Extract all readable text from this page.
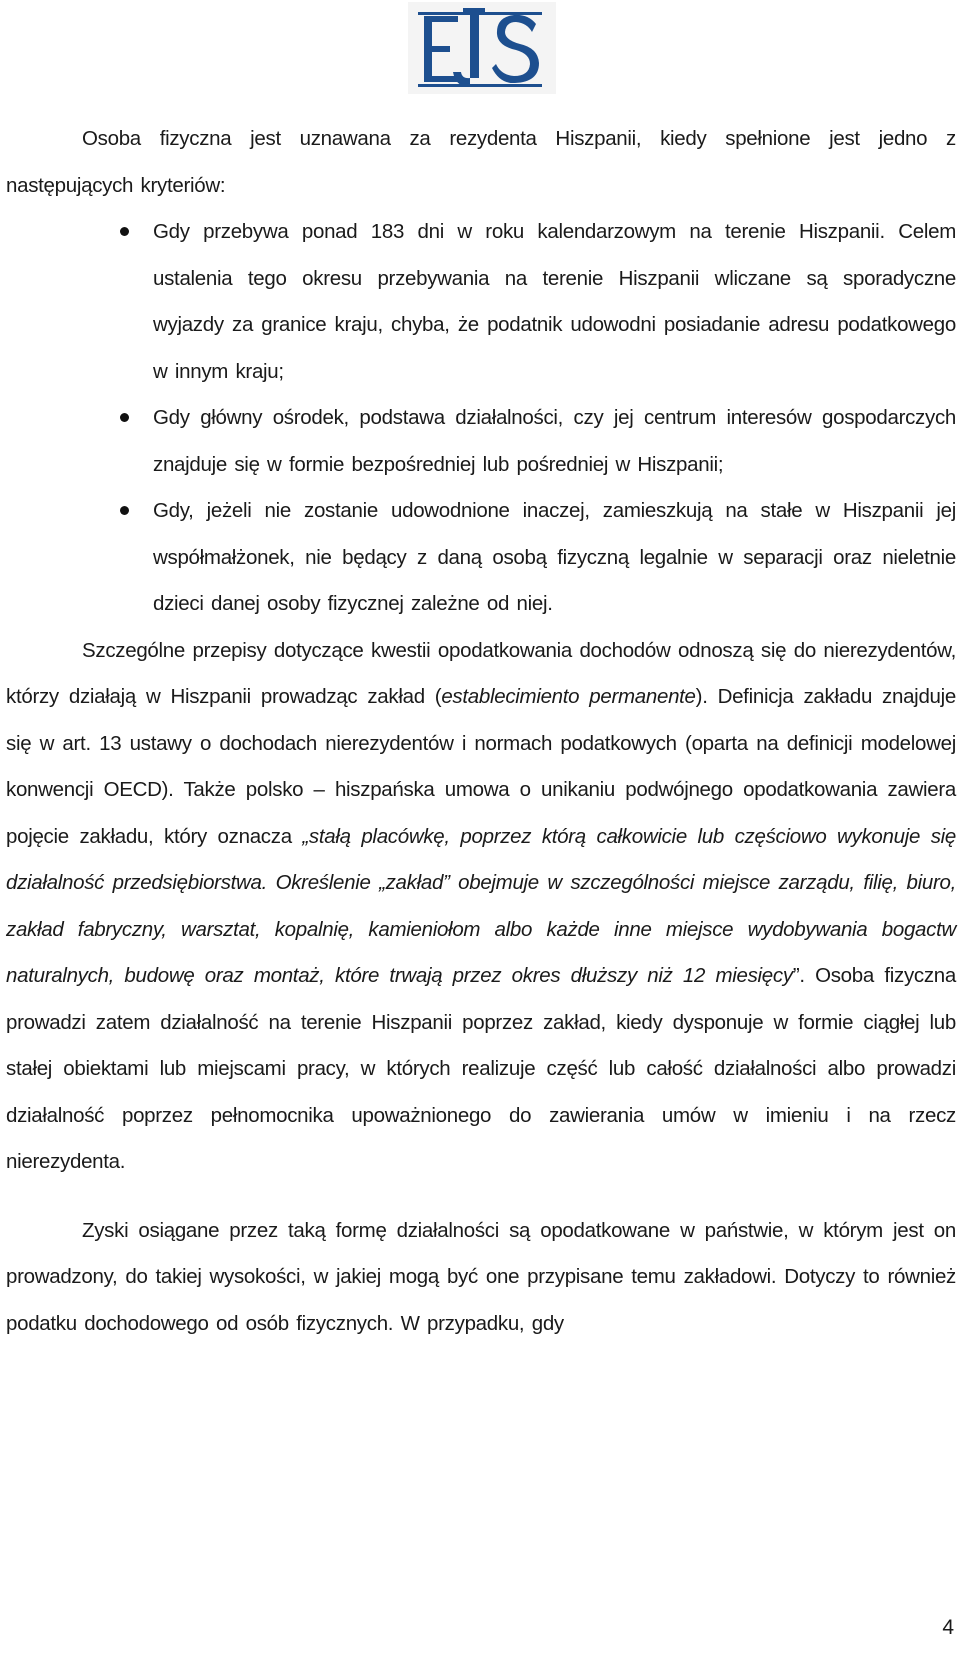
Osoba fizyczna jest uznawana za rezydenta Hiszpanii, kiedy spełnione jest jedno z następujących kryteriów:

Gdy przebywa ponad 183 dni w roku kalendarzowym na terenie Hiszpanii. Celem ustalenia tego okresu przebywania na terenie Hiszpanii wliczane są sporadyczne wyjazdy za granice kraju, chyba, że podatnik udowodni posiadanie adresu podatkowego w innym kraju;

Gdy główny ośrodek, podstawa działalności, czy jej centrum interesów gospodarczych znajduje się w formie bezpośredniej lub pośredniej w Hiszpanii;

Gdy, jeżeli nie zostanie udowodnione inaczej, zamieszkują na stałe w Hiszpanii jej współmałżonek, nie będący z daną osobą fizyczną legalnie w separacji oraz nieletnie dzieci danej osoby fizycznej zależne od niej.

Szczególne przepisy dotyczące kwestii opodatkowania dochodów odnoszą się do nierezydentów, którzy działają w Hiszpanii prowadząc zakład (establecimiento permanente). Definicja zakładu znajduje się w art. 13 ustawy o dochodach nierezydentów i normach podatkowych (oparta na definicji modelowej konwencji OECD). Także polsko – hiszpańska umowa o unikaniu podwójnego opodatkowania zawiera pojęcie zakładu, który oznacza „stałą placówkę, poprzez którą całkowicie lub częściowo wykonuje się działalność przedsiębiorstwa. Określenie „zakład” obejmuje w szczególności miejsce zarządu, filię, biuro, zakład fabryczny, warsztat, kopalnię, kamieniołom albo każde inne miejsce wydobywania bogactw naturalnych, budowę oraz montaż, które trwają przez okres dłuższy niż 12 miesięcy”. Osoba fizyczna prowadzi zatem działalność na terenie Hiszpanii poprzez zakład, kiedy dysponuje w formie ciągłej lub stałej obiektami lub miejscami pracy, w których realizuje część lub całość działalności albo prowadzi działalność poprzez pełnomocnika upoważnionego do zawierania umów w imieniu i na rzecz nierezydenta.

Zyski osiągane przez taką formę działalności są opodatkowane w państwie, w którym jest on prowadzony, do takiej wysokości, w jakiej mogą być one przypisane temu zakładowi. Dotyczy to również podatku dochodowego od osób fizycznych. W przypadku, gdy

4
